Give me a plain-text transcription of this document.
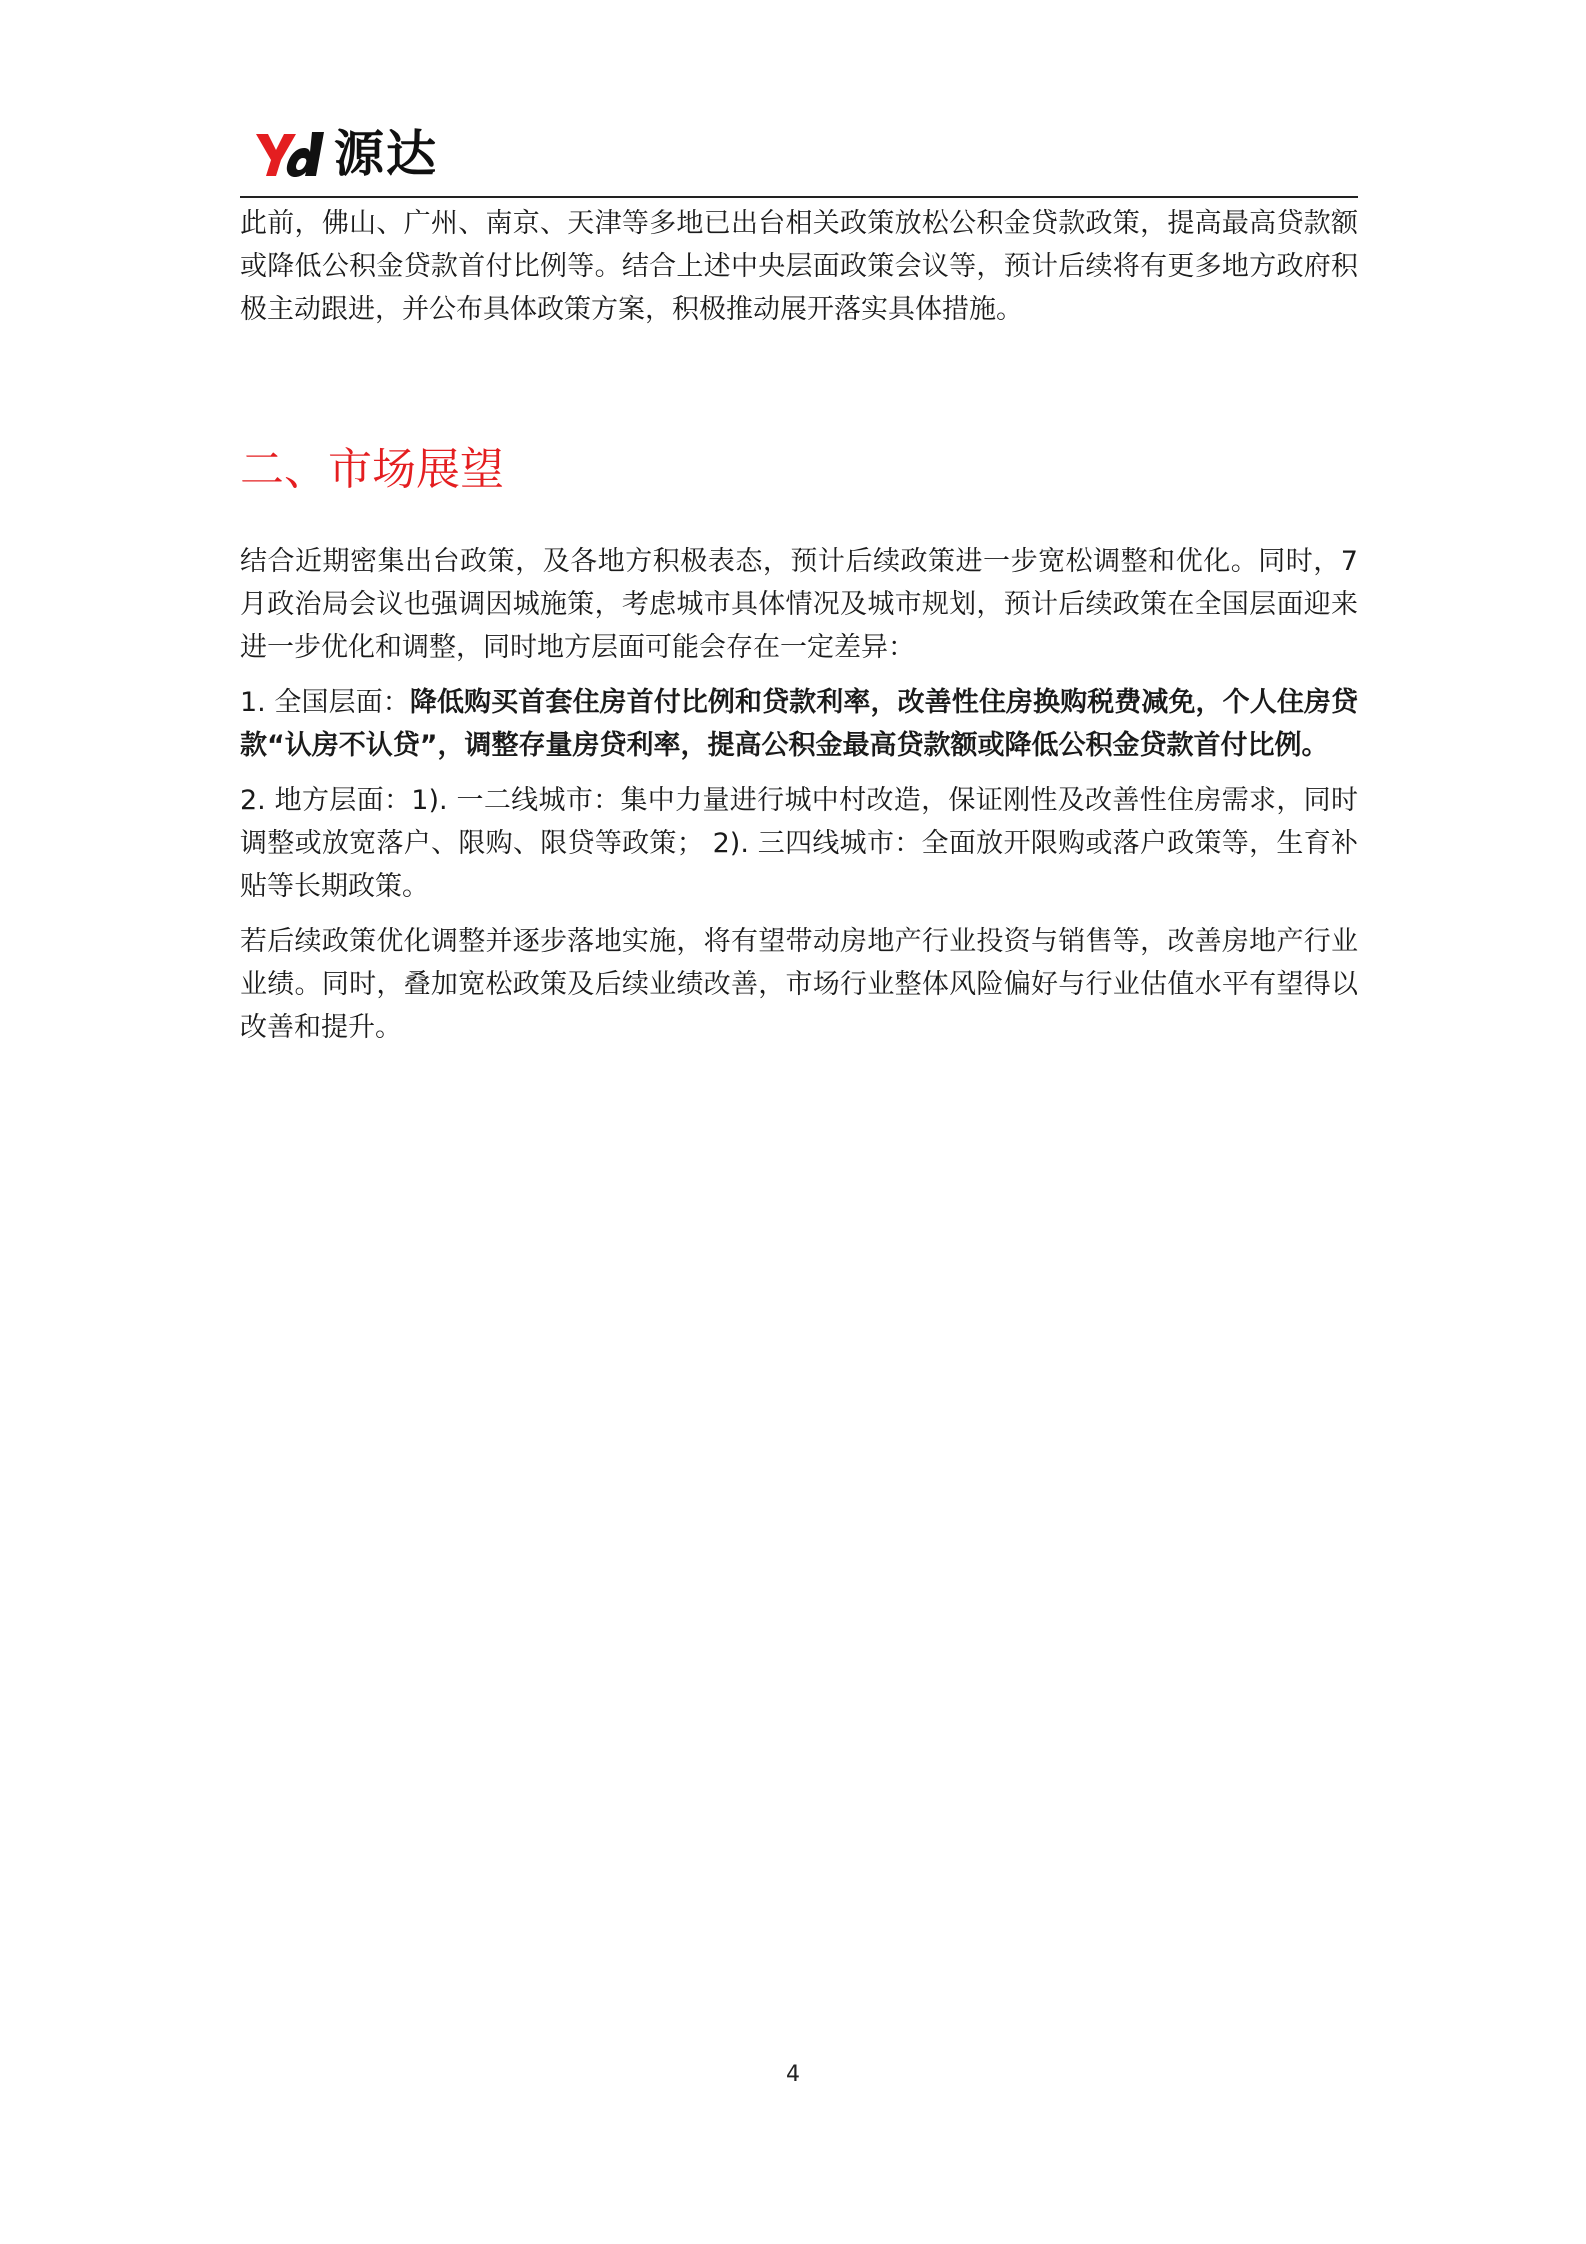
源达

此前，佛山、广州、南京、天津等多地已出台相关政策放松公积金贷款政策，提高最高贷款额或降低公积金贷款首付比例等。结合上述中央层面政策会议等，预计后续将有更多地方政府积极主动跟进，并公布具体政策方案，积极推动展开落实具体措施。

二、市场展望

结合近期密集出台政策，及各地方积极表态，预计后续政策进一步宽松调整和优化。同时，7 月政治局会议也强调因城施策，考虑城市具体情况及城市规划，预计后续政策在全国层面迎来进一步优化和调整，同时地方层面可能会存在一定差异：

1. 全国层面：降低购买首套住房首付比例和贷款利率，改善性住房换购税费减免，个人住房贷款“认房不认贷”，调整存量房贷利率，提高公积金最高贷款额或降低公积金贷款首付比例。

2. 地方层面：1). 一二线城市：集中力量进行城中村改造，保证刚性及改善性住房需求，同时调整或放宽落户、限购、限贷等政策； 2). 三四线城市：全面放开限购或落户政策等，生育补贴等长期政策。

若后续政策优化调整并逐步落地实施，将有望带动房地产行业投资与销售等，改善房地产行业业绩。同时，叠加宽松政策及后续业绩改善，市场行业整体风险偏好与行业估值水平有望得以改善和提升。

4
